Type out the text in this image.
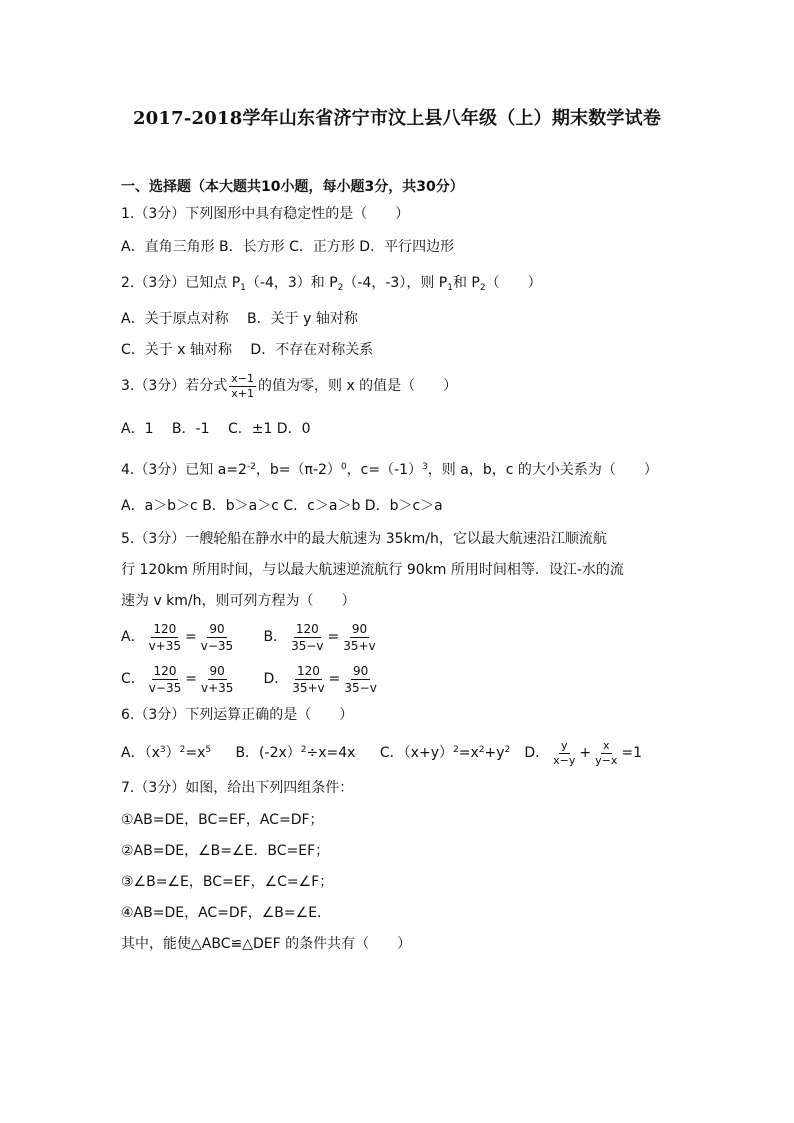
2017-2018学年山东省济宁市汶上县八年级（上）期末数学试卷
一、选择题（本大题共10小题，每小题3分，共30分）
1.（3分）下列图形中具有稳定性的是（　　）
A．直角三角形 B．长方形 C．正方形 D．平行四边形
2.（3分）已知点 $P_1(-4$，3）和 $P_2(-4$，-3），则 $P_1$和 $P_2$（　　）
A．关于原点对称　 B．关于 y 轴对称
C．关于 x 轴对称　 D．不存在对称关系
3.（3分）若分式 $\frac{x-1}{x+1}$ 的值为零，则 x 的值是（　　）
A．1　 B．-1　 C．±1 D．0
4.（3分）已知 $a=2^{-2}$，$b=(\pi-2)^0$，$c=(-1)^3$，则 a，b，c 的大小关系为（　　）
A．a＞b＞c B．b＞a＞c C．c＞a＞b D．b＞c＞a
5.（3分）一艘轮船在静水中的最大航速为 35km/h，它以最大航速沿江顺流航
行 120km 所用时间，与以最大航速逆流航行 90km 所用时间相等．设江-水的流
速为 v km/h，则可列方程为（　　）
A． $\frac{120}{v+35} = \frac{90}{v-35}$ B． $\frac{120}{35-v} = \frac{90}{35+v}$
C． $\frac{120}{v-35} = \frac{90}{v+35}$ D． $\frac{120}{35+v} = \frac{90}{35-v}$
6.（3分）下列运算正确的是（　　）
A．$(x^3)^2=x^5$ B．(-2x）$^2$÷x=4x C．$(x+y)^2=x^2+y^2$ D． $\frac{y}{x-y} + \frac{x}{y-x} =1$
7.（3分）如图，给出下列四组条件：
①AB=DE，BC=EF，AC=DF；
②AB=DE，∠B=∠E．BC=EF；
③∠B=∠E，BC=EF，∠C=∠F；
④AB=DE，AC=DF，∠B=∠E．
其中，能使△ABC≌△DEF 的条件共有（　　）
